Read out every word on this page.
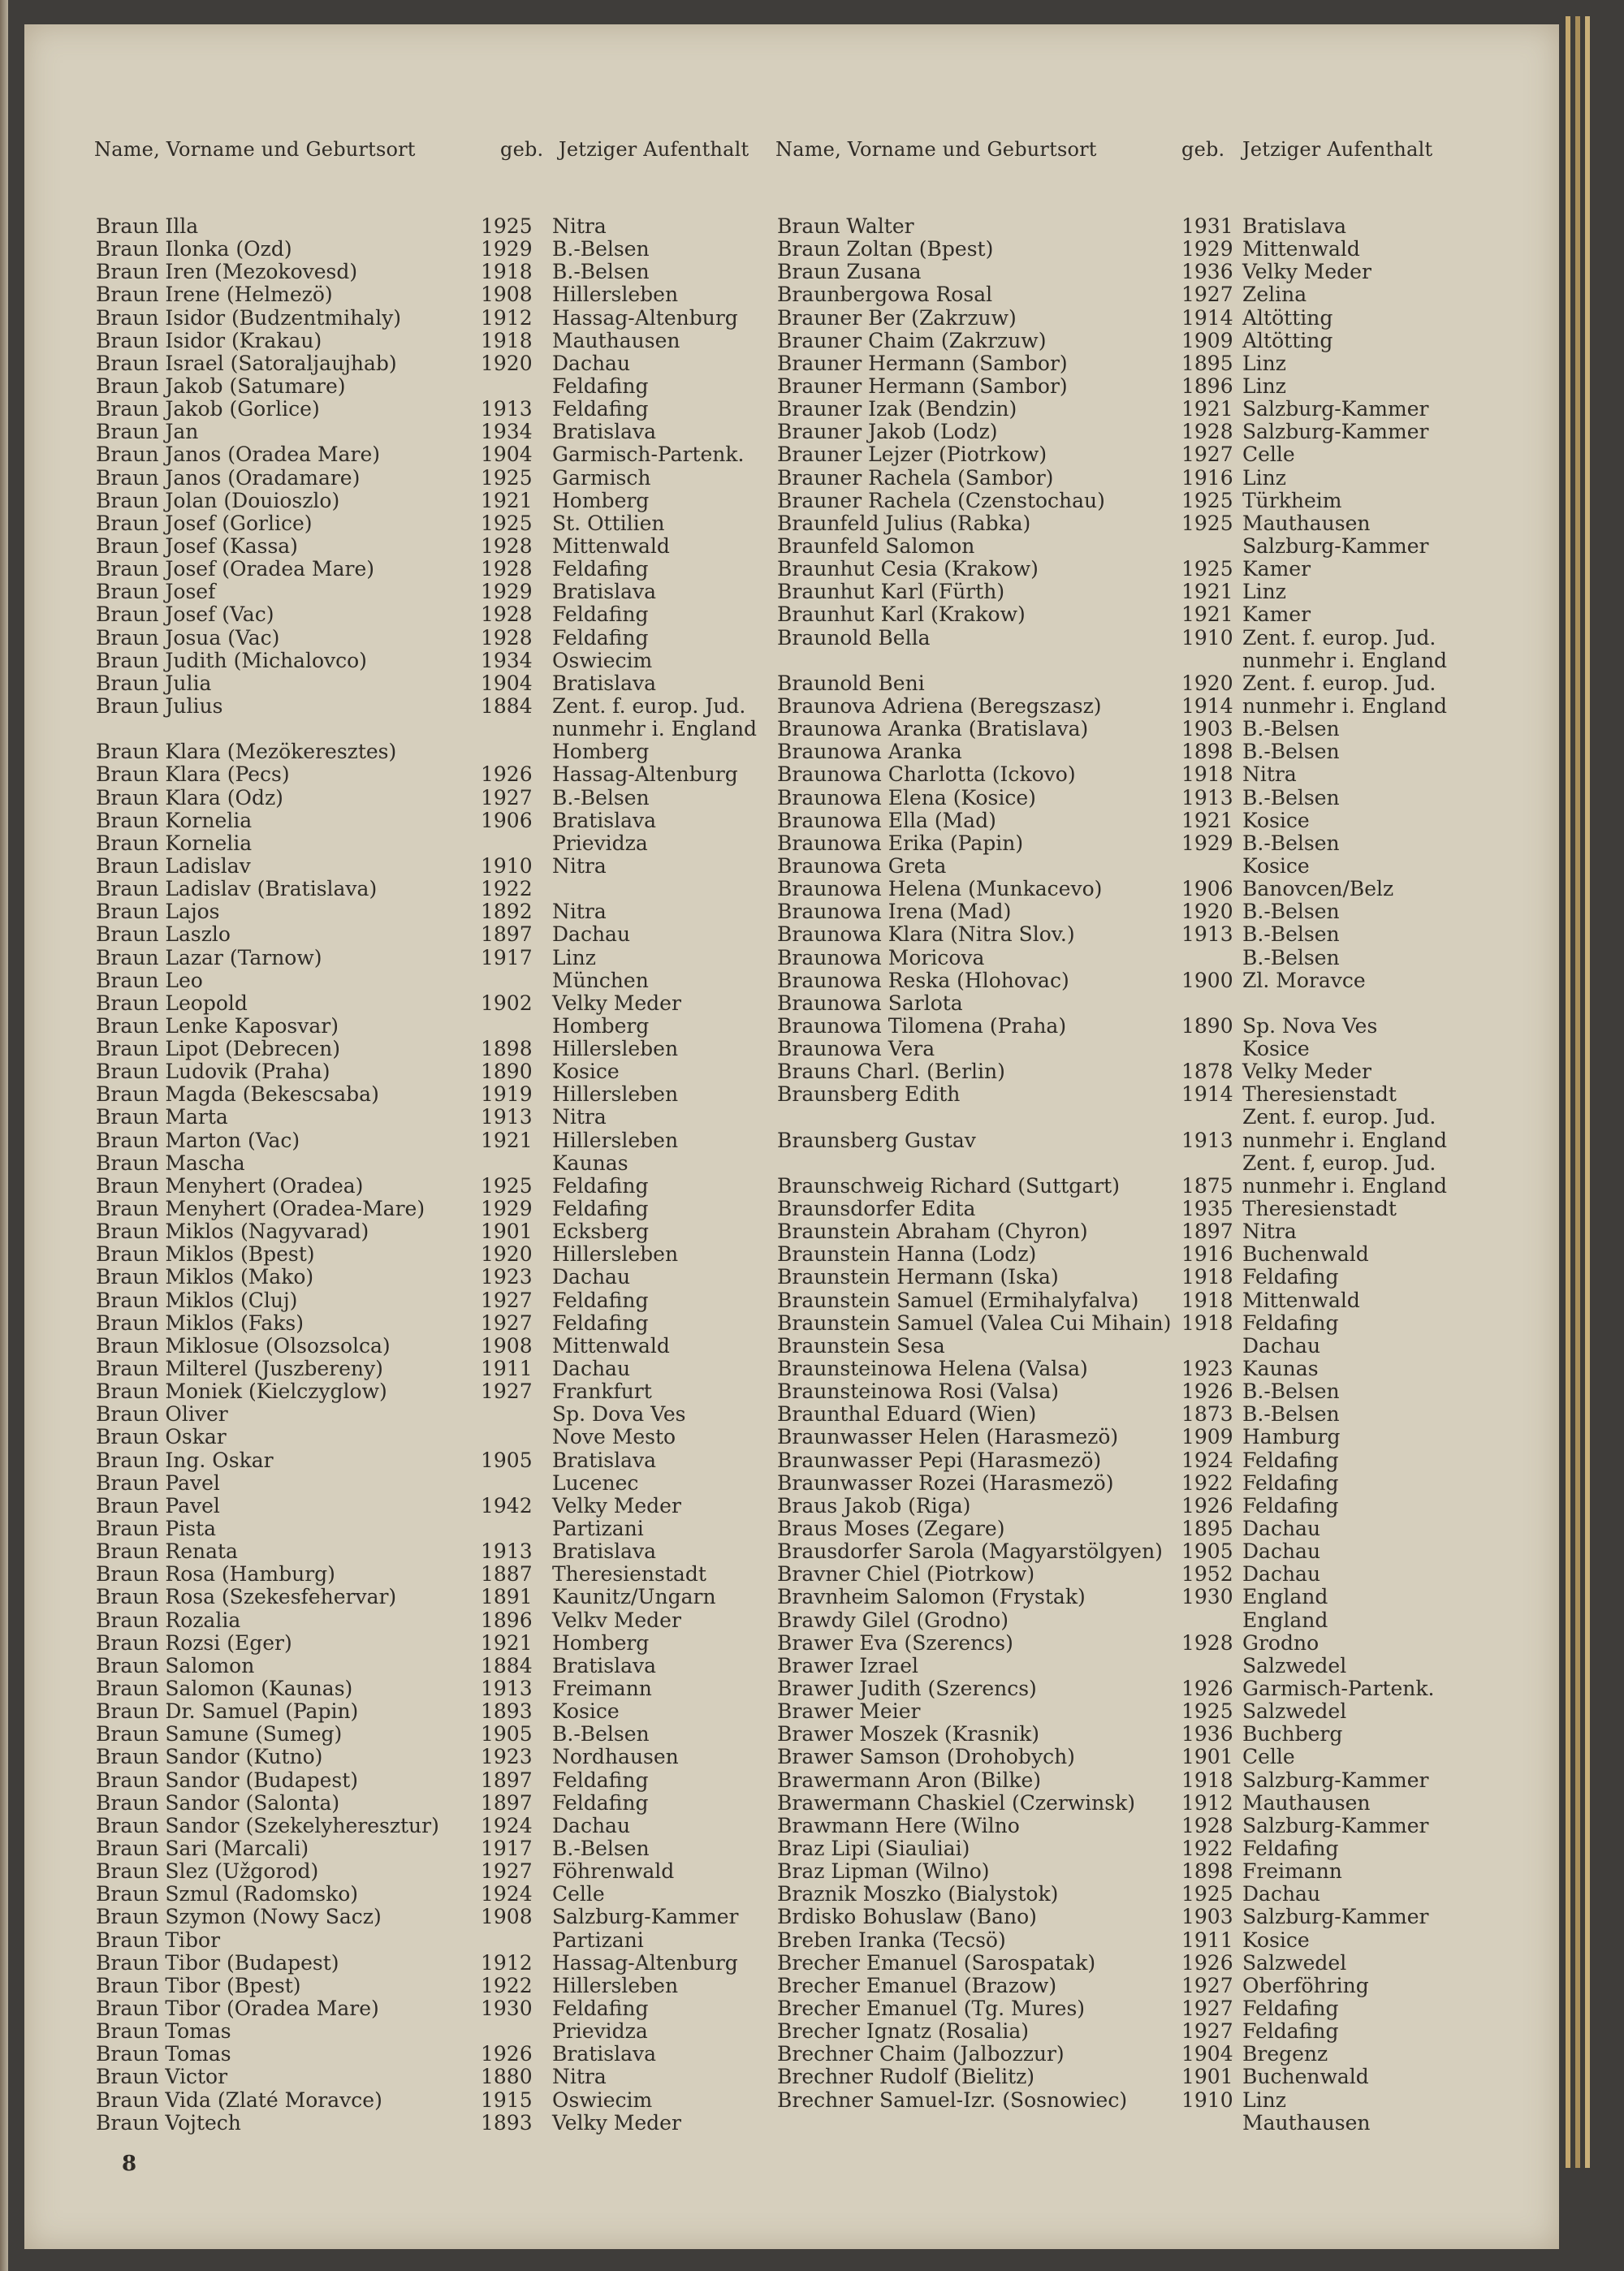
Name, Vorname und Geburtsort	geb. Jetziger Aufenthalt Name, Vorname und Geburtsort	geb. Jetziger Aufenthalt
Braun Illa
Braun Ilonka (Ozd)
Braun Iren (Mezokovesd)
Braun Irene (Helmezö)
Braun Isidor (Budzentmihaly)
Braun Isidor (Krakau)
Braun Israel (Satoraljaujhab)
Braun Jakob (Satumare)
Braun Jakob (Gorlice)
Braun Jan
Braun Janos (Oradea Mare)
Braun Janos (Oradamare)
Braun Jolan (Douioszlo)
Braun Josef (Gorlice)
Braun Josef (Kassa)
Braun Josef (Oradea Mare)
Braun Josef
Braun Josef (Vac)
Braun Josua (Vac)
Braun Judith (Michalovco)
Braun Julia
Braun Julius
Braun Klara (Mezökeresztes)
Braun Klara (Pecs)
Braun Klara (Odz)
Braun Kornelia
Braun Kornelia
Braun Ladislav
Braun Ladislav (Bratislava)
Braun Lajos
Braun Laszlo
Braun Lazar (Tarnow)
Braun Leo
Braun Leopold
Braun Lenke Kaposvar)
Braun Lipot (Debrecen)
Braun Ludovik (Praha)
Braun Magda (Bekescsaba)
Braun Marta
Braun Marton (Vac)
Braun Mascha
Braun Menyhert (Oradea)
Braun Menyhert (Oradea-Mare)
Braun Miklos (Nagyvarad)
Braun Miklos (Bpest)
Braun Miklos (Mako)
Braun Miklos (Cluj)
Braun Miklos (Faks)
Braun Miklosue (Olsozsolca)
Braun Milterel (Juszbereny)
Braun Moniek (Kielczyglow)
Braun Oliver
Braun Oskar
Braun Ing. Oskar
Braun Pavel
Braun Pavel
Braun Pista
Braun Renata
Braun Rosa (Hamburg)
Braun Rosa (Szekesfehervar)
Braun Rozalia
Braun Rozsi (Eger)
Braun Salomon
Braun Salomon (Kaunas)
Braun Dr. Samuel (Papin)
Braun Samune (Sumeg)
Braun Sandor (Kutno)
Braun Sandor (Budapest)
Braun Sandor (Salonta)
Braun Sandor (Szekelyheresztur)
Braun Sari (Marcali)
Braun Slez (Užgorod)
Braun Szmul (Radomsko)
Braun Szymon (Nowy Sacz)
Braun Tibor
Braun Tibor (Budapest)
Braun Tibor (Bpest)
Braun Tibor (Oradea Mare)
Braun Tomas
Braun Tomas
Braun Victor
Braun Vida (Zlaté Moravce)
Braun Vojtech
1925
1929
1918
1908
1912
1918
1920
1913
1934
1904
1925
1921
1925
1928
1928
1929
1928
1928
1934
1904
1884
1926
1927
1906
1910
1922
1892
1897
1917
1902
1898
1890
1919
1913
1921
1925
1929
1901
1920
1923
1927
1927
1908
1911
1927
1905
1942
1913
1887
1891
1896
1921
1884
1913
1893
1905
1923
1897
1897
1924
1917
1927
1924
1908
1912
1922
1930
1926
1880
1915
1893
Nitra
B.-Belsen
B.-Belsen
Hillersleben
Hassag-Altenburg
Mauthausen
Dachau
Feldafing
Feldafing
Bratislava
Garmisch-Partenk.
Garmisch
Homberg
St. Ottilien
Mittenwald
Feldafing
Bratislava
Feldafing
Feldafing
Oswiecim
Bratislava
Zent. f. europ. Jud.
nunmehr i. England
Homberg
Hassag-Altenburg
B.-Belsen
Bratislava
Prievidza
Nitra
Nitra
Dachau
Linz
München
Velky Meder
Homberg
Hillersleben
Kosice
Hillersleben
Nitra
Hillersleben
Kaunas
Feldafing
Feldafing
Ecksberg
Hillersleben
Dachau
Feldafing
Feldafing
Mittenwald
Dachau
Frankfurt
Sp. Dova Ves
Nove Mesto
Bratislava
Lucenec
Velky Meder
Partizani
Bratislava
Theresienstadt
Kaunitz/Ungarn
Velkv Meder
Homberg
Bratislava
Freimann
Kosice
B.-Belsen
Nordhausen
Feldafing
Feldafing
Dachau
B.-Belsen
Föhrenwald
Celle
Salzburg-Kammer
Partizani
Hassag-Altenburg
Hillersleben
Feldafing
Prievidza
Bratislava
Nitra
Oswiecim
Velky Meder
Braun Walter
Braun Zoltan (Bpest)
Braun Zusana
Braunbergowa Rosal
Brauner Ber (Zakrzuw)
Brauner Chaim (Zakrzuw)
Brauner Hermann (Sambor)
Brauner Hermann (Sambor)
Brauner Izak (Bendzin)
Brauner Jakob (Lodz)
Brauner Lejzer (Piotrkow)
Brauner Rachela (Sambor)
Brauner Rachela (Czenstochau)
Braunfeld Julius (Rabka)
Braunfeld Salomon
Braunhut Cesia (Krakow)
Braunhut Karl (Fürth)
Braunhut Karl (Krakow)
Braunold Bella
Braunold Beni
Braunova Adriena (Beregszasz)
Braunowa Aranka (Bratislava)
Braunowa Aranka
Braunowa Charlotta (Ickovo)
Braunowa Elena (Kosice)
Braunowa Ella (Mad)
Braunowa Erika (Papin)
Braunowa Greta
Braunowa Helena (Munkacevo)
Braunowa Irena (Mad)
Braunowa Klara (Nitra Slov.)
Braunowa Moricova
Braunowa Reska (Hlohovac)
Braunowa Sarlota
Braunowa Tilomena (Praha)
Braunowa Vera
Brauns Charl. (Berlin)
Braunsberg Edith
Braunsberg Gustav
Braunschweig Richard (Suttgart)
Braunsdorfer Edita
Braunstein Abraham (Chyron)
Braunstein Hanna (Lodz)
Braunstein Hermann (Iska)
Braunstein Samuel (Ermihalyfalva)
Braunstein Samuel (Valea Cui Mihain)
Braunstein Sesa
Braunsteinowa Helena (Valsa)
Braunsteinowa Rosi (Valsa)
Braunthal Eduard (Wien)
Braunwasser Helen (Harasmezö)
Braunwasser Pepi (Harasmezö)
Braunwasser Rozei (Harasmezö)
Braus Jakob (Riga)
Braus Moses (Zegare)
Brausdorfer Sarola (Magyarstölgyen)
Bravner Chiel (Piotrkow)
Bravnheim Salomon (Frystak)
Brawdy Gilel (Grodno)
Brawer Eva (Szerencs)
Brawer Izrael
Brawer Judith (Szerencs)
Brawer Meier
Brawer Moszek (Krasnik)
Brawer Samson (Drohobych)
Brawermann Aron (Bilke)
Brawermann Chaskiel (Czerwinsk)
Brawmann Here (Wilno
Braz Lipi (Siauliai)
Braz Lipman (Wilno)
Braznik Moszko (Bialystok)
Brdisko Bohuslaw (Bano)
Breben Iranka (Tecsö)
Brecher Emanuel (Sarospatak)
Brecher Emanuel (Brazow)
Brecher Emanuel (Tg. Mures)
Brecher Ignatz (Rosalia)
Brechner Chaim (Jalbozzur)
Brechner Rudolf (Bielitz)
Brechner Samuel-Izr. (Sosnowiec)
1931
1929
1936
1927
1914
1909
1895
1896
1921
1928
1927
1916
1925
1925
1925
1921
1921
1910
1920
1914
1903
1898
1918
1913
1921
1929
1906
1920
1913
1900
1890
1878
1914
1913
1875
1935
1897
1916
1918
1918
1918
1923
1926
1873
1909
1924
1922
1926
1895
1905
1952
1930
1928
1926
1925
1936
1901
1918
1912
1928
1922
1898
1925
1903
1911
1926
1927
1927
1927
1904
1901
1910
Bratislava
Mittenwald
Velky Meder
Zelina
Altötting
Altötting
Linz
Linz
Salzburg-Kammer
Salzburg-Kammer
Celle
Linz
Türkheim
Mauthausen
Salzburg-Kammer
Kamer
Linz
Kamer
Zent. f. europ. Jud.
nunmehr i. England
Zent. f. europ. Jud.
nunmehr i. England
B.-Belsen
B.-Belsen
Nitra
B.-Belsen
Kosice
B.-Belsen
Kosice
Banovcen/Belz
B.-Belsen
B.-Belsen
B.-Belsen
Zl. Moravce
Sp. Nova Ves
Kosice
Velky Meder
Theresienstadt
Zent. f. europ. Jud.
nunmehr i. England
Zent. f, europ. Jud.
nunmehr i. England
Theresienstadt
Nitra
Buchenwald
Feldafing
Mittenwald
Feldafing
Dachau
Kaunas
B.-Belsen
B.-Belsen
Hamburg
Feldafing
Feldafing
Feldafing
Dachau
Dachau
Dachau
England
England
Grodno
Salzwedel
Garmisch-Partenk.
Salzwedel
Buchberg
Celle
Salzburg-Kammer
Mauthausen
Salzburg-Kammer
Feldafing
Freimann
Dachau
Salzburg-Kammer
Kosice
Salzwedel
Oberföhring
Feldafing
Feldafing
Bregenz
Buchenwald
Linz
Mauthausen
8
